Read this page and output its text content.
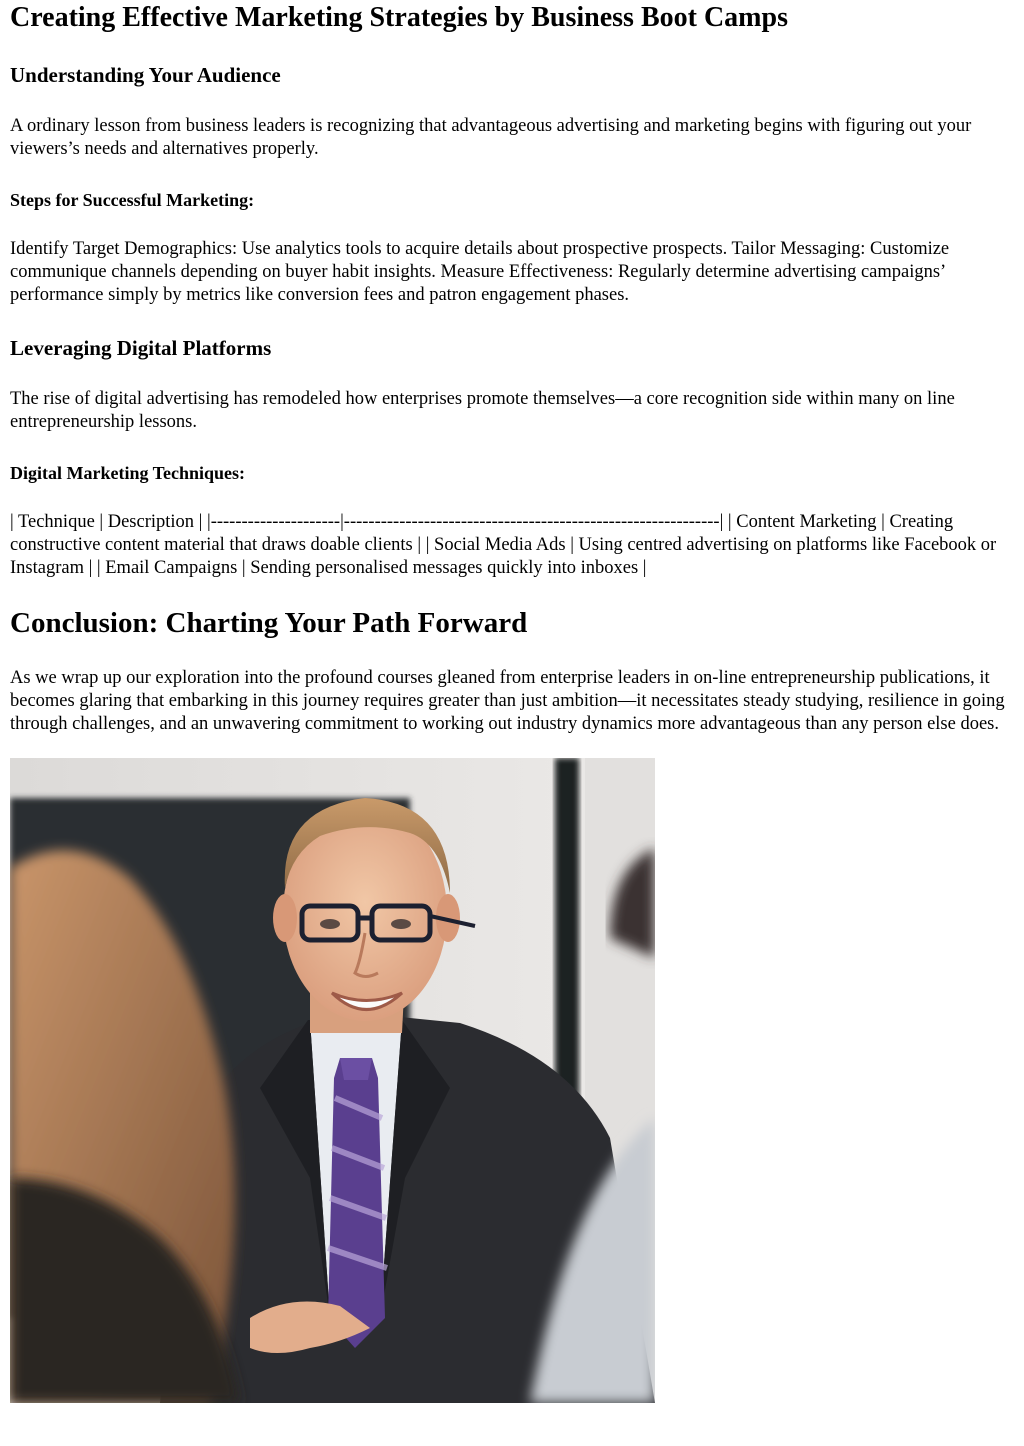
Creating Effective Marketing Strategies by Business Boot Camps
Understanding Your Audience

A ordinary lesson from business leaders is recognizing that advantageous advertising and marketing begins with figuring out your viewers’s needs and alternatives properly.

Steps for Successful Marketing:

Identify Target Demographics: Use analytics tools to acquire details about prospective prospects. Tailor Messaging: Customize communique channels depending on buyer habit insights. Measure Effectiveness: Regularly determine advertising campaigns’ performance simply by metrics like conversion fees and patron engagement phases.

Leveraging Digital Platforms

The rise of digital advertising has remodeled how enterprises promote themselves—a core recognition side within many on line entrepreneurship lessons.

Digital Marketing Techniques:

| Technique | Description | |---------------------|-------------------------------------------------------------| | Content Marketing | Creating constructive content material that draws doable clients | | Social Media Ads | Using centred advertising on platforms like Facebook or Instagram | | Email Campaigns | Sending personalised messages quickly into inboxes |

Conclusion: Charting Your Path Forward

As we wrap up our exploration into the profound courses gleaned from enterprise leaders in on-line entrepreneurship publications, it becomes glaring that embarking in this journey requires greater than just ambition—it necessitates steady studying, resilience in going through challenges, and an unwavering commitment to working out industry dynamics more advantageous than any person else does.
